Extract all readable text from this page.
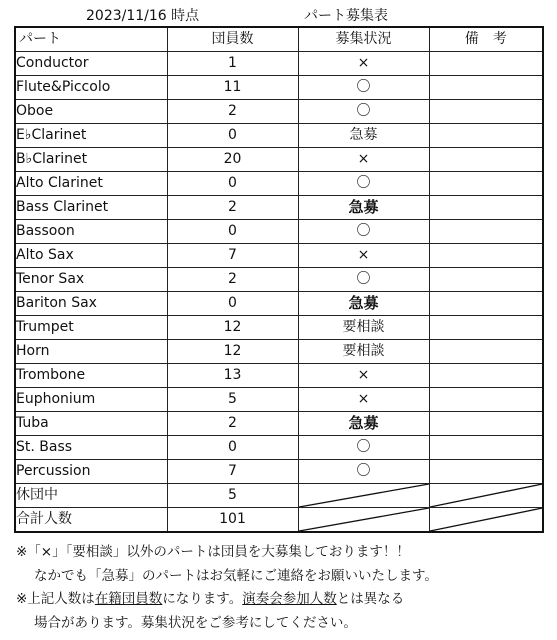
2023/11/16 時点	パート募集表
パート	団員数	募集状況	備　考
Conductor	1	×	
Flute&Piccolo	11	〇	
Oboe	2	〇	
E♭Clarinet	0	急募	
B♭Clarinet	20	×	
Alto Clarinet	0	〇	
Bass Clarinet	2	急募	
Bassoon	0	〇	
Alto Sax	7	×	
Tenor Sax	2	〇	
Bariton Sax	0	急募	
Trumpet	12	要相談	
Horn	12	要相談	
Trombone	13	×	
Euphonium	5	×	
Tuba	2	急募	
St. Bass	0	〇	
Percussion	7	〇	
休団中	5	

合計人数	101	

※「×」「要相談」以外のパートは団員を大募集しております！！
なかでも「急募」のパートはお気軽にご連絡をお願いいたします。
※上記人数は在籍団員数になります。演奏会参加人数とは異なる
場合があります。募集状況をご参考にしてください。
